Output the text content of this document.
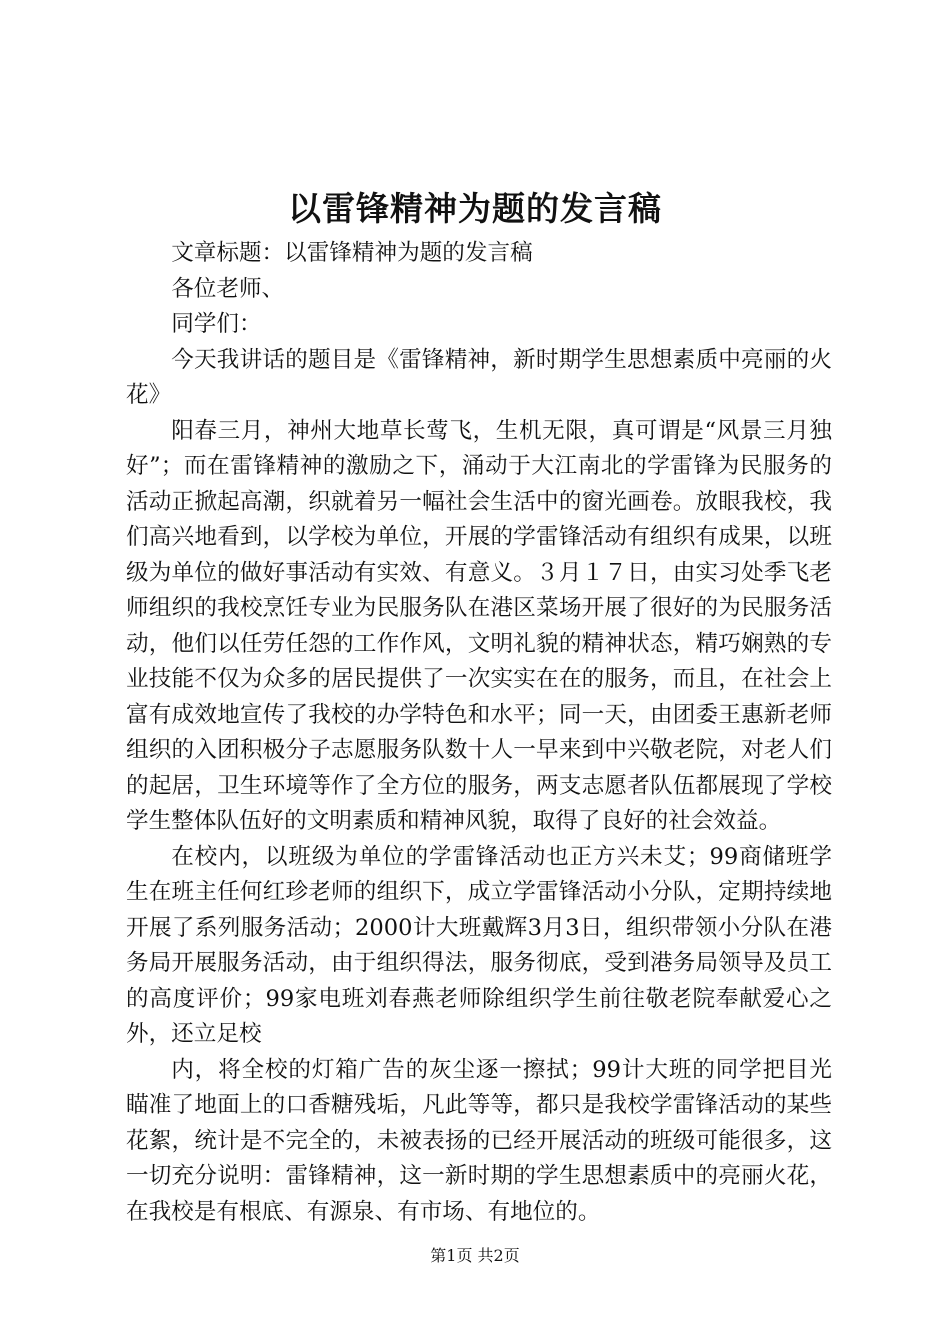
以雷锋精神为题的发言稿

文章标题：以雷锋精神为题的发言稿

各位老师、

同学们：

今天我讲话的题目是《雷锋精神，新时期学生思想素质中亮丽的火花》

阳春三月，神州大地草长莺飞，生机无限，真可谓是“风景三月独好”；而在雷锋精神的激励之下，涌动于大江南北的学雷锋为民服务的活动正掀起高潮，织就着另一幅社会生活中的窗光画卷。放眼我校，我们高兴地看到，以学校为单位，开展的学雷锋活动有组织有成果，以班级为单位的做好事活动有实效、有意义。３月１７日，由实习处季飞老师组织的我校烹饪专业为民服务队在港区菜场开展了很好的为民服务活动，他们以任劳任怨的工作作风，文明礼貌的精神状态，精巧娴熟的专业技能不仅为众多的居民提供了一次实实在在的服务，而且，在社会上富有成效地宣传了我校的办学特色和水平；同一天，由团委王惠新老师组织的入团积极分子志愿服务队数十人一早来到中兴敬老院，对老人们的起居，卫生环境等作了全方位的服务，两支志愿者队伍都展现了学校学生整体队伍好的文明素质和精神风貌，取得了良好的社会效益。

在校内，以班级为单位的学雷锋活动也正方兴未艾；99商储班学生在班主任何红珍老师的组织下，成立学雷锋活动小分队，定期持续地开展了系列服务活动；2000计大班戴辉3月3日，组织带领小分队在港务局开展服务活动，由于组织得法，服务彻底，受到港务局领导及员工的高度评价；99家电班刘春燕老师除组织学生前往敬老院奉献爱心之外，还立足校

内，将全校的灯箱广告的灰尘逐一擦拭；99计大班的同学把目光瞄准了地面上的口香糖残垢，凡此等等，都只是我校学雷锋活动的某些花絮，统计是不完全的，未被表扬的已经开展活动的班级可能很多，这一切充分说明：雷锋精神，这一新时期的学生思想素质中的亮丽火花，在我校是有根底、有源泉、有市场、有地位的。

第1页 共2页
